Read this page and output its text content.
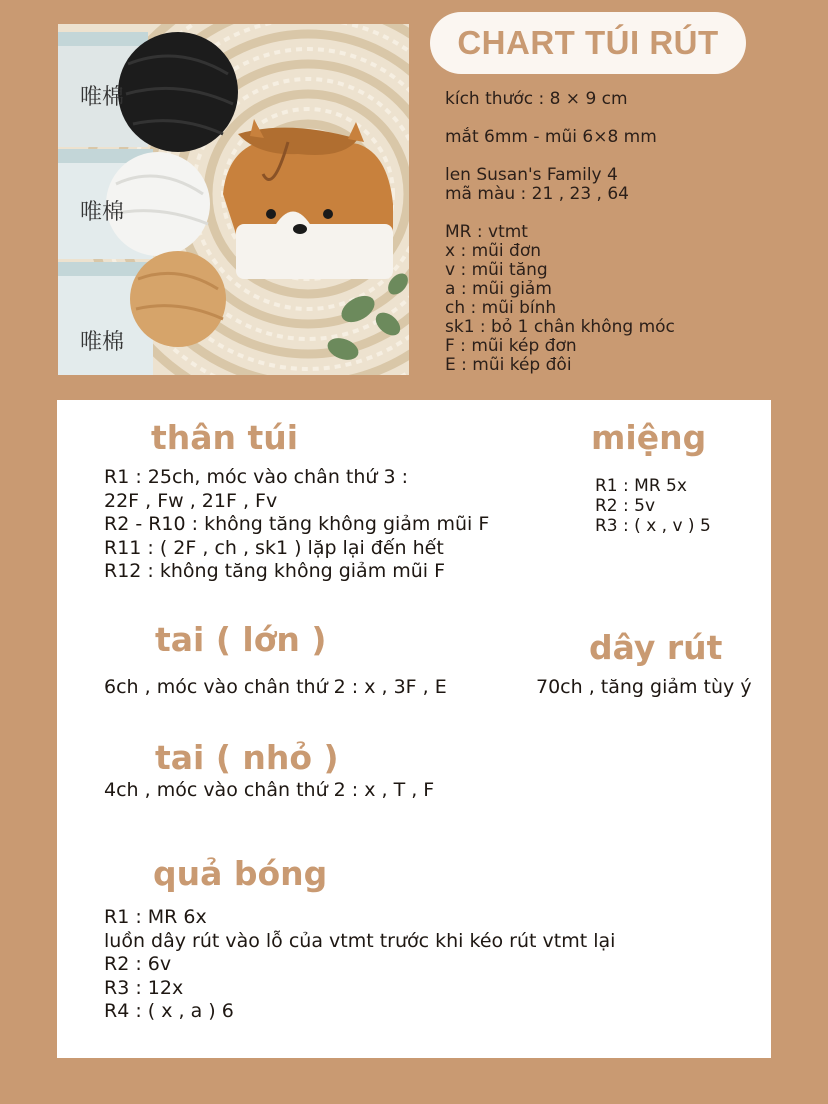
唯棉
唯棉
唯棉
CHART TÚI RÚT
kích thước : 8 × 9 cm
mắt 6mm - mũi 6×8 mm
len Susan's Family 4
mã màu : 21 , 23 , 64
MR : vtmt
x : mũi đơn
v : mũi tăng
a : mũi giảm
ch : mũi bính
sk1 : bỏ 1 chân không móc
F : mũi kép đơn
E : mũi kép đôi
thân túi
R1 : 25ch, móc vào chân thứ 3 :
22F , Fw , 21F , Fv
R2 - R10 : không tăng không giảm mũi F
R11 : ( 2F , ch , sk1 ) lặp lại đến hết
R12 : không tăng không giảm mũi F
miệng
R1 : MR 5x
R2 : 5v
R3 : ( x , v ) 5
tai ( lớn )
6ch , móc vào chân thứ 2 : x , 3F , E
dây rút
70ch , tăng giảm tùy ý
tai ( nhỏ )
4ch , móc vào chân thứ 2 : x , T , F
quả bóng
R1 : MR 6x
luồn dây rút vào lỗ của vtmt trước khi kéo rút vtmt lại
R2 : 6v
R3 : 12x
R4 : ( x , a ) 6
